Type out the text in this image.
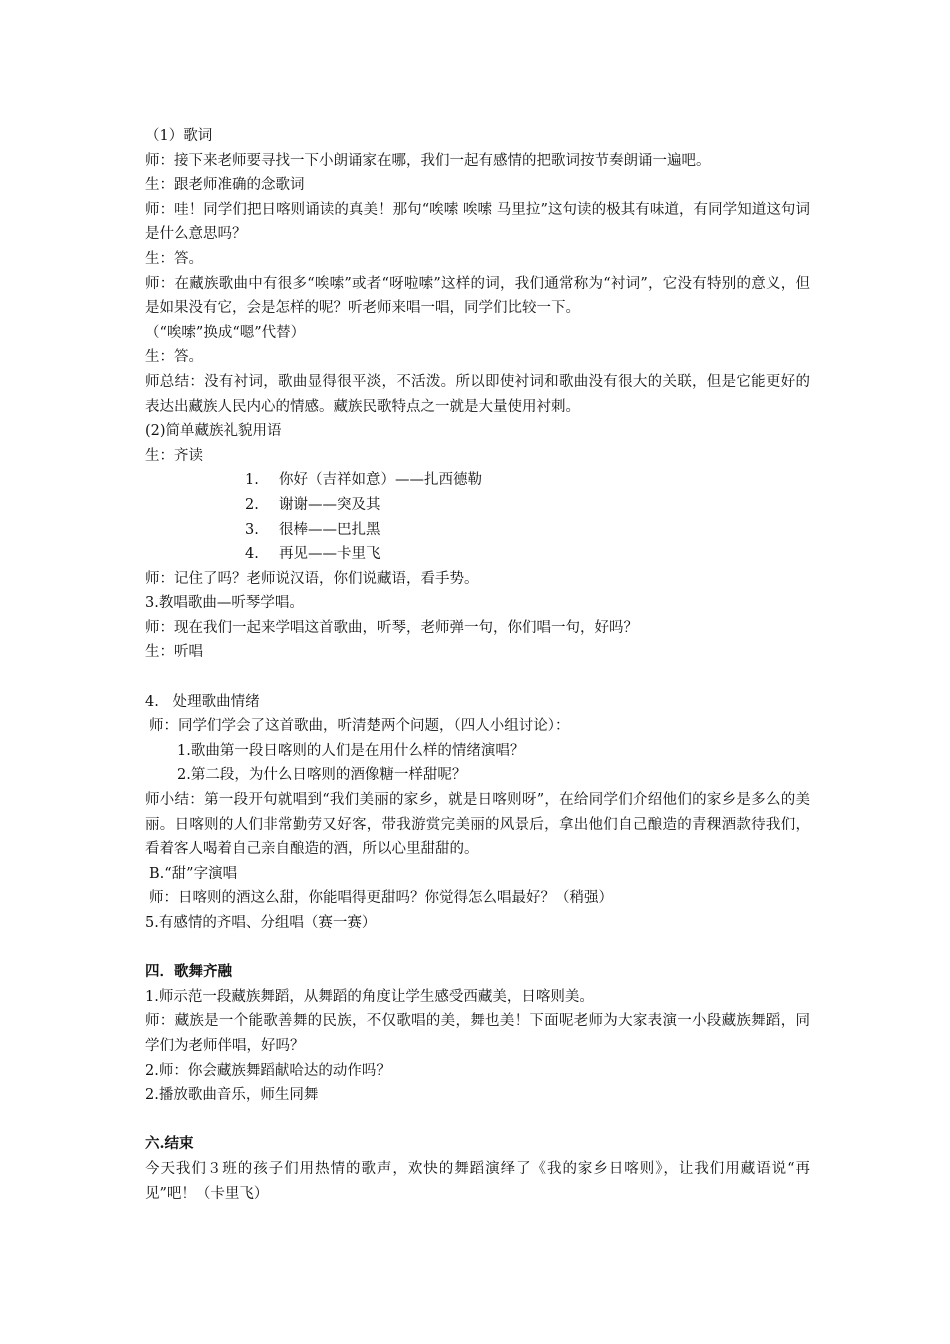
（1）歌词
师：接下来老师要寻找一下小朗诵家在哪，我们一起有感情的把歌词按节奏朗诵一遍吧。
生：跟老师准确的念歌词
师：哇！同学们把日喀则诵读的真美！那句“唉嗦 唉嗦 马里拉”这句读的极其有味道，有同学知道这句词是什么意思吗？
生：答。
师：在藏族歌曲中有很多“唉嗦”或者“呀啦嗦”这样的词，我们通常称为“衬词”，它没有特别的意义，但是如果没有它，会是怎样的呢？听老师来唱一唱，同学们比较一下。
（“唉嗦”换成“嗯”代替）
生：答。
师总结：没有衬词，歌曲显得很平淡，不活泼。所以即使衬词和歌曲没有很大的关联，但是它能更好的表达出藏族人民内心的情感。藏族民歌特点之一就是大量使用衬刺。
(2)简单藏族礼貌用语
生：齐读
1. 你好（吉祥如意）——扎西德勒
2. 谢谢——突及其
3. 很棒——巴扎黑
4. 再见——卡里飞
师：记住了吗？老师说汉语，你们说藏语，看手势。
3.教唱歌曲—听琴学唱。
师：现在我们一起来学唱这首歌曲，听琴，老师弹一句，你们唱一句，好吗？
生：听唱
4.   处理歌曲情绪
师：同学们学会了这首歌曲，听清楚两个问题，（四人小组讨论）：
1.歌曲第一段日喀则的人们是在用什么样的情绪演唱？
2.第二段，为什么日喀则的酒像糖一样甜呢？
师小结：第一段开句就唱到“我们美丽的家乡，就是日喀则呀”，在给同学们介绍他们的家乡是多么的美丽。日喀则的人们非常勤劳又好客，带我游赏完美丽的风景后，拿出他们自己酿造的青稞酒款待我们，看着客人喝着自己亲自酿造的酒，所以心里甜甜的。
B.“甜”字演唱
师：日喀则的酒这么甜，你能唱得更甜吗？你觉得怎么唱最好？（稍强）
5.有感情的齐唱、分组唱（赛一赛）
四．歌舞齐融
1.师示范一段藏族舞蹈，从舞蹈的角度让学生感受西藏美，日喀则美。
师：藏族是一个能歌善舞的民族，不仅歌唱的美，舞也美！下面呢老师为大家表演一小段藏族舞蹈，同学们为老师伴唱，好吗？
2.师：你会藏族舞蹈献哈达的动作吗？
2.播放歌曲音乐，师生同舞
六.结束
今天我们３班的孩子们用热情的歌声，欢快的舞蹈演绎了《我的家乡日喀则》，让我们用藏语说“再见”吧！（卡里飞）
